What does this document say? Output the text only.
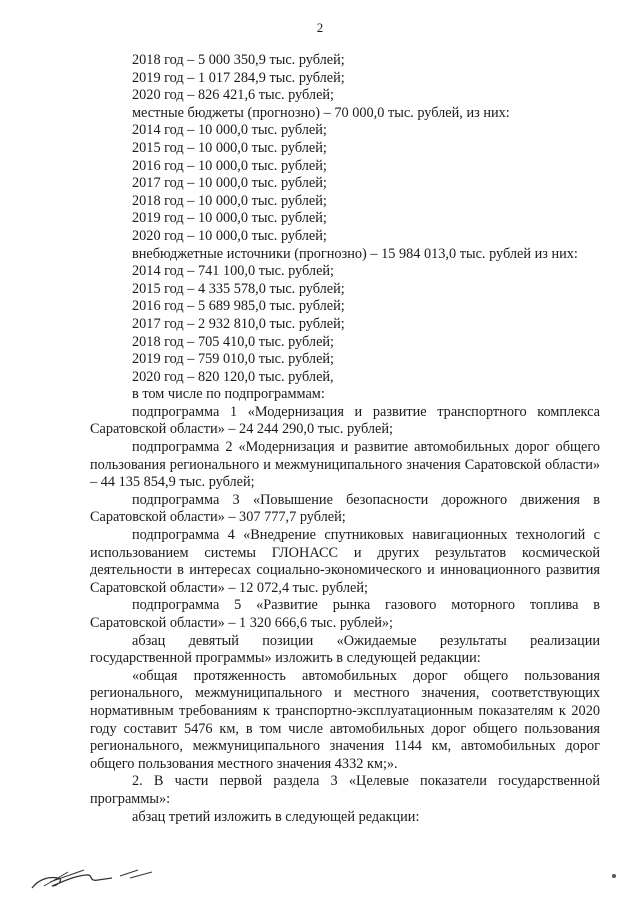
2
2018 год – 5 000 350,9 тыс. рублей;
2019 год – 1 017 284,9 тыс. рублей;
2020 год – 826 421,6 тыс. рублей;
местные бюджеты (прогнозно) – 70 000,0 тыс. рублей, из них:
2014 год – 10 000,0 тыс. рублей;
2015 год – 10 000,0 тыс. рублей;
2016 год – 10 000,0 тыс. рублей;
2017 год – 10 000,0 тыс. рублей;
2018 год – 10 000,0 тыс. рублей;
2019 год – 10 000,0 тыс. рублей;
2020 год – 10 000,0 тыс. рублей;
внебюджетные источники (прогнозно) – 15 984 013,0 тыс. рублей из них:
2014 год – 741 100,0 тыс. рублей;
2015 год – 4 335 578,0 тыс. рублей;
2016 год – 5 689 985,0 тыс. рублей;
2017 год – 2 932 810,0 тыс. рублей;
2018 год – 705 410,0 тыс. рублей;
2019 год – 759 010,0 тыс. рублей;
2020 год – 820 120,0 тыс. рублей,
в том числе по подпрограммам:

подпрограмма 1 «Модернизация и развитие транспортного комплекса Саратовской области» – 24 244 290,0 тыс. рублей;

подпрограмма 2 «Модернизация и развитие автомобильных дорог общего пользования регионального и межмуниципального значения Саратовской области» – 44 135 854,9 тыс. рублей;

подпрограмма 3 «Повышение безопасности дорожного движения в Саратовской области» – 307 777,7 рублей;

подпрограмма 4 «Внедрение спутниковых навигационных технологий с использованием системы ГЛОНАСС и других результатов космической деятельности в интересах социально-экономического и инновационного развития Саратовской области» – 12 072,4 тыс. рублей;

подпрограмма 5 «Развитие рынка газового моторного топлива в Саратовской области» – 1 320 666,6 тыс. рублей»;

абзац девятый позиции «Ожидаемые результаты реализации государственной программы» изложить в следующей редакции:

«общая протяженность автомобильных дорог общего пользования регионального, межмуниципального и местного значения, соответствующих нормативным требованиям к транспортно-эксплуатационным показателям к 2020 году составит 5476 км, в том числе автомобильных дорог общего пользования регионального, межмуниципального значения 1144 км, автомобильных дорог общего пользования местного значения 4332 км;».

2. В части первой раздела 3 «Целевые показатели государственной программы»:

абзац третий изложить в следующей редакции:
